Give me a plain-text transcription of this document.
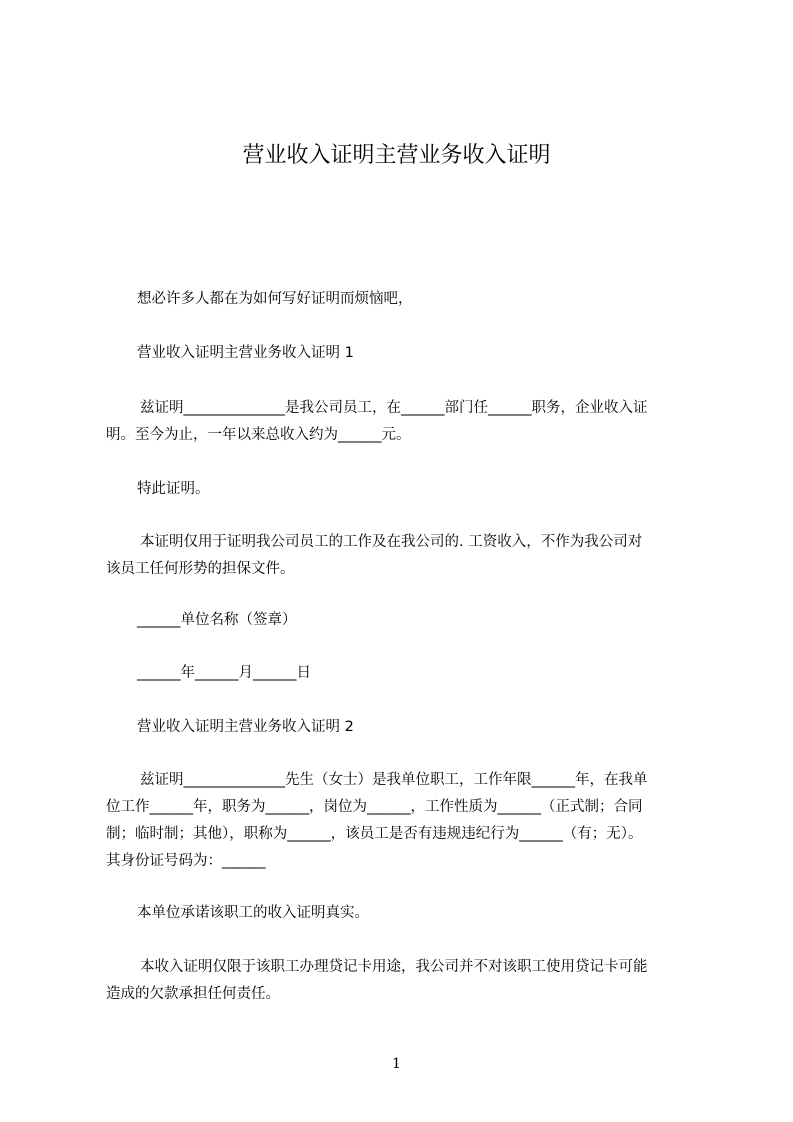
营业收入证明主营业务收入证明

想必许多人都在为如何写好证明而烦恼吧，

营业收入证明主营业务收入证明 1

兹证明______________是我公司员工，在______部门任______职务，企业收入证
明。至今为止，一年以来总收入约为______元。

特此证明。

本证明仅用于证明我公司员工的工作及在我公司的. 工资收入，不作为我公司对
该员工任何形势的担保文件。

______单位名称（签章）

______年______月______日

营业收入证明主营业务收入证明 2

兹证明______________先生（女士）是我单位职工，工作年限______年，在我单
位工作______年，职务为______，岗位为______，工作性质为______（正式制；合同
制；临时制；其他），职称为______，该员工是否有违规违纪行为______（有；无）。
其身份证号码为：______

本单位承诺该职工的收入证明真实。

本收入证明仅限于该职工办理贷记卡用途，我公司并不对该职工使用贷记卡可能
造成的欠款承担任何责任。

1
